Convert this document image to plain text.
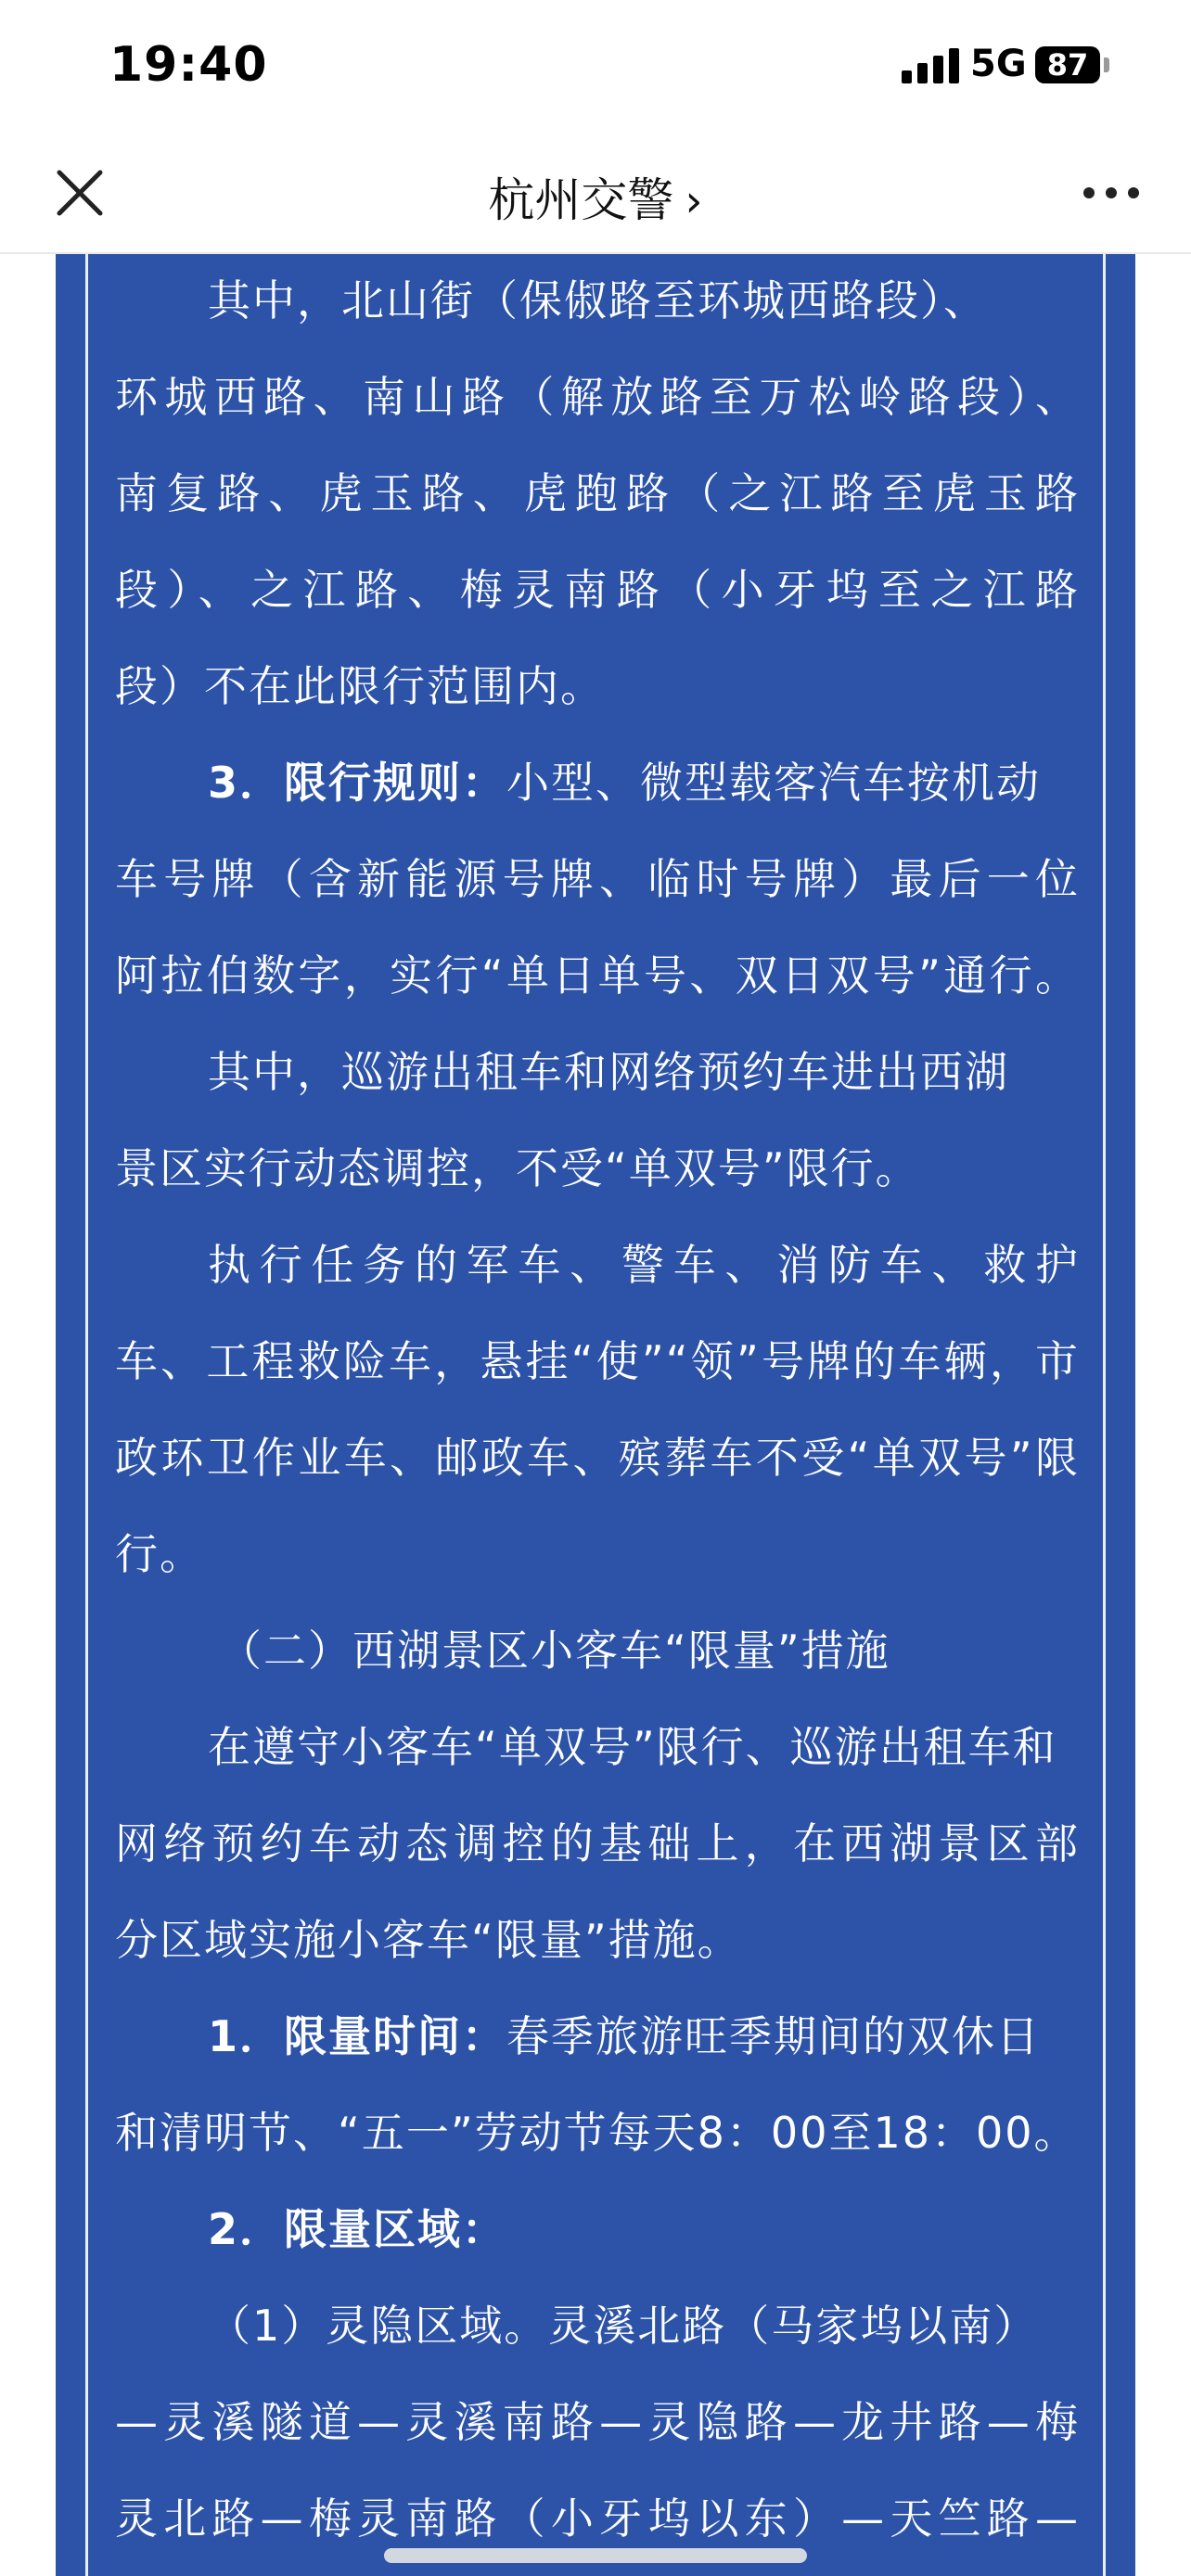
19:40	5G 87
杭州交警 ›
其中，北山街（保俶路至环城西路段）、
环城西路、南山路（解放路至万松岭路段）、
南复路、虎玉路、虎跑路（之江路至虎玉路
段）、之江路、梅灵南路（小牙坞至之江路
段）不在此限行范围内。
3．限行规则：小型、微型载客汽车按机动
车号牌（含新能源号牌、临时号牌）最后一位
阿拉伯数字，实行“单日单号、双日双号”通行。
其中，巡游出租车和网络预约车进出西湖
景区实行动态调控，不受“单双号”限行。
执行任务的军车、警车、消防车、救护
车、工程救险车，悬挂“使”“领”号牌的车辆，市
政环卫作业车、邮政车、殡葬车不受“单双号”限
行。
（二）西湖景区小客车“限量”措施
在遵守小客车“单双号”限行、巡游出租车和
网络预约车动态调控的基础上，在西湖景区部
分区域实施小客车“限量”措施。
1．限量时间：春季旅游旺季期间的双休日
和清明节、“五一”劳动节每天8：00至18：00。
2．限量区域：
（1）灵隐区域。灵溪北路（马家坞以南）
—灵溪隧道—灵溪南路—灵隐路—龙井路—梅
灵北路—梅灵南路（小牙坞以东）—天竺路—
